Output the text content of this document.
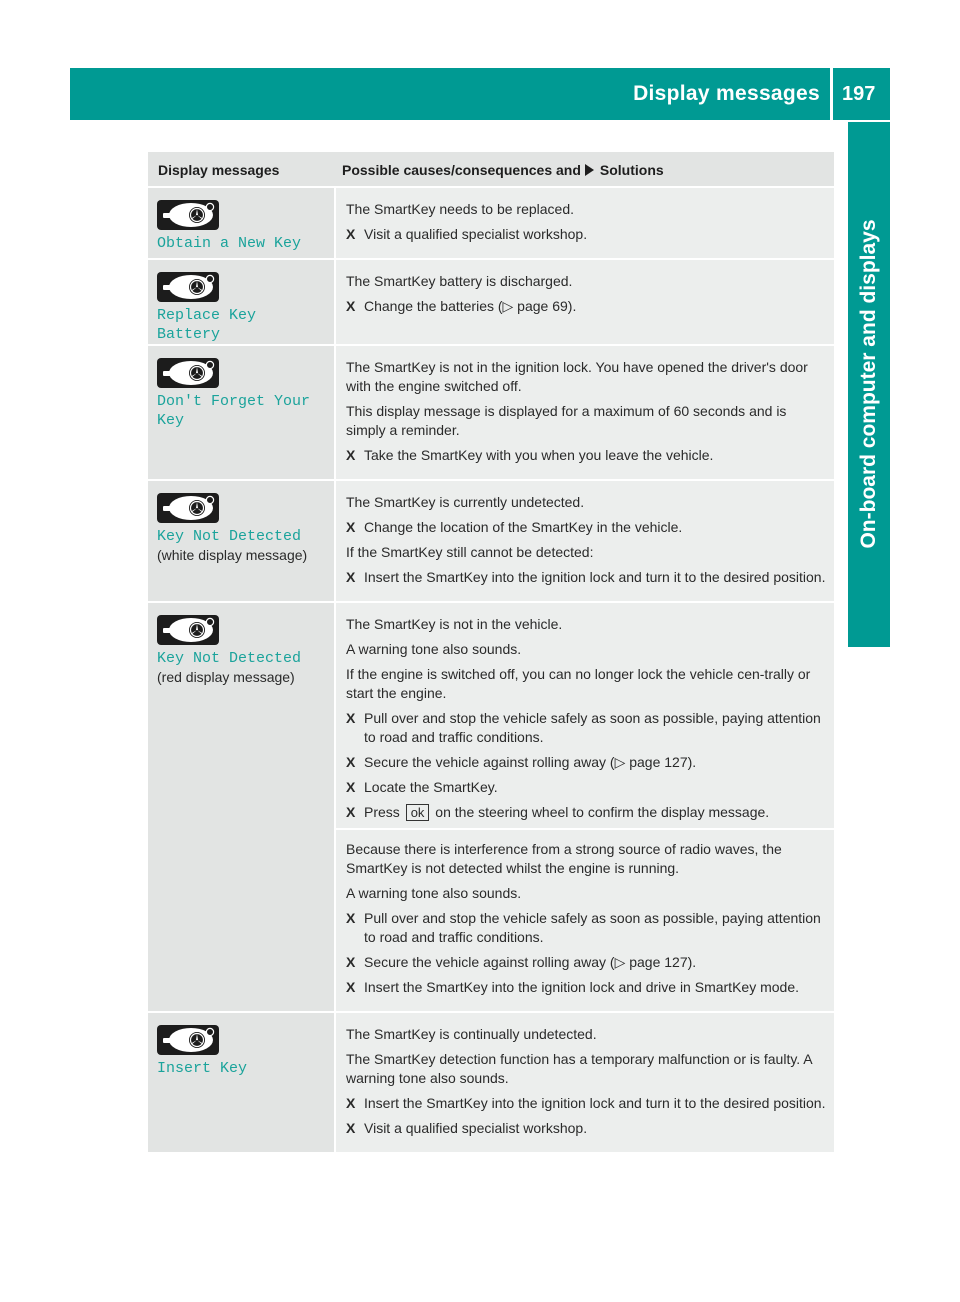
Display messages 197
On-board computer and displays
Display messages	Possible causes/consequences and Solutions
Obtain a New Key
The SmartKey needs to be replaced.
X Visit a qualified specialist workshop.
Replace Key Battery
The SmartKey battery is discharged.
X Change the batteries (▷ page 69).
Don't Forget Your
Key
The SmartKey is not in the ignition lock. You have opened the driver's door with the engine switched off.
This display message is displayed for a maximum of 60 seconds and is simply a reminder.
X Take the SmartKey with you when you leave the vehicle.
Key Not Detected
(white display message)
The SmartKey is currently undetected.
X Change the location of the SmartKey in the vehicle.
If the SmartKey still cannot be detected:
X Insert the SmartKey into the ignition lock and turn it to the desired position.
Key Not Detected
(red display message)
The SmartKey is not in the vehicle.
A warning tone also sounds.
If the engine is switched off, you can no longer lock the vehicle cen-trally or start the engine.
X Pull over and stop the vehicle safely as soon as possible, paying attention to road and traffic conditions.
X Secure the vehicle against rolling away (▷ page 127).
X Locate the SmartKey.
X Press ok on the steering wheel to confirm the display message.
Because there is interference from a strong source of radio waves, the SmartKey is not detected whilst the engine is running.
A warning tone also sounds.
X Pull over and stop the vehicle safely as soon as possible, paying attention to road and traffic conditions.
X Secure the vehicle against rolling away (▷ page 127).
X Insert the SmartKey into the ignition lock and drive in SmartKey mode.
Insert Key
The SmartKey is continually undetected.
The SmartKey detection function has a temporary malfunction or is faulty. A warning tone also sounds.
X Insert the SmartKey into the ignition lock and turn it to the desired position.
X Visit a qualified specialist workshop.
